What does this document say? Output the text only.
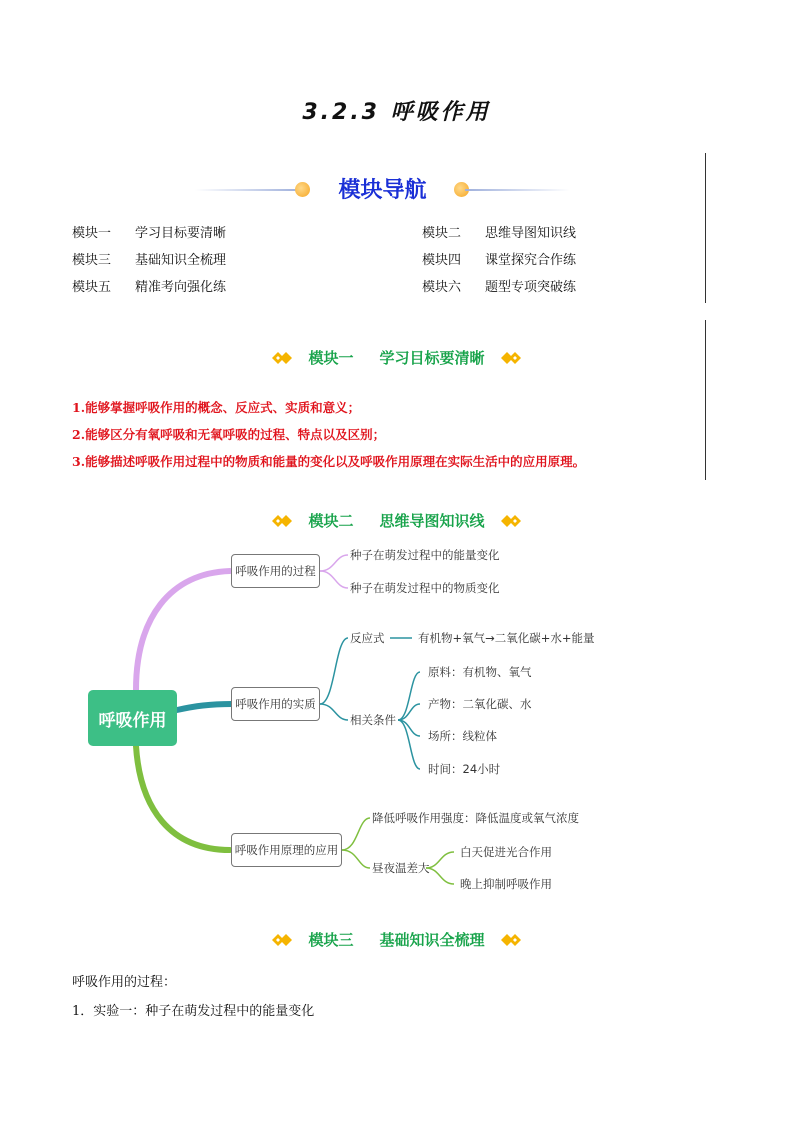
3.2.3 呼吸作用
模块导航
模块一 学习目标要清晰	模块二 思维导图知识线
模块三 基础知识全梳理	模块四 课堂探究合作练
模块五 精准考向强化练	模块六 题型专项突破练
模块一 学习目标要清晰
1.能够掌握呼吸作用的概念、反应式、实质和意义；
2.能够区分有氧呼吸和无氧呼吸的过程、特点以及区别；
3.能够描述呼吸作用过程中的物质和能量的变化以及呼吸作用原理在实际生活中的应用原理。
模块二 思维导图知识线
呼吸作用
呼吸作用的过程
种子在萌发过程中的能量变化
种子在萌发过程中的物质变化
呼吸作用的实质
反应式	有机物+氧气→二氧化碳+水+能量
相关条件
原料：有机物、氧气
产物：二氧化碳、水
场所：线粒体
时间：24小时
呼吸作用原理的应用
降低呼吸作用强度：降低温度或氧气浓度
昼夜温差大
白天促进光合作用
晚上抑制呼吸作用
模块三 基础知识全梳理
呼吸作用的过程：
1．实验一：种子在萌发过程中的能量变化
